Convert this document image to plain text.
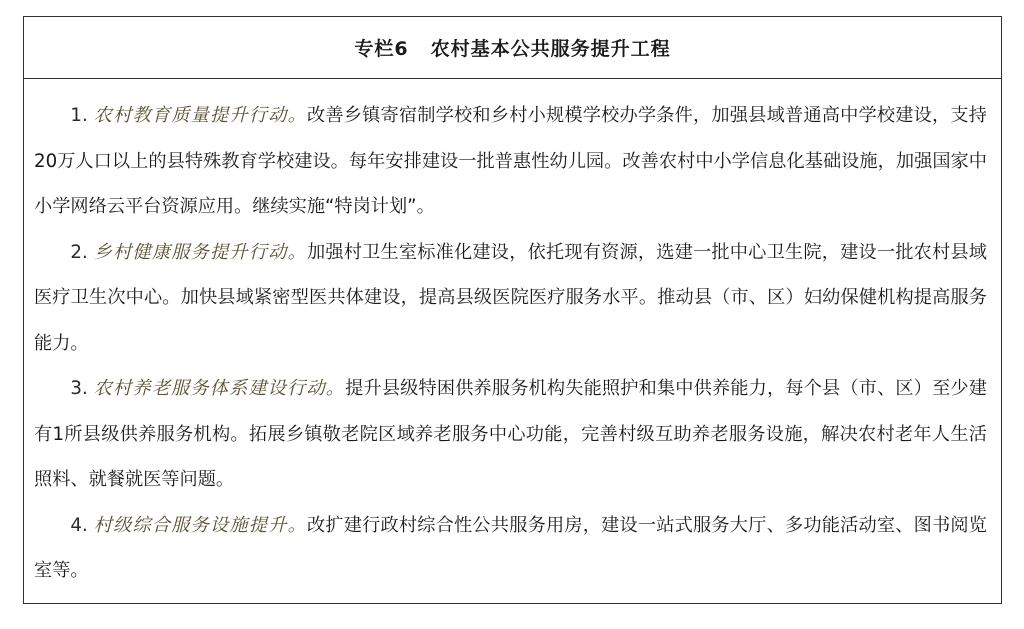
专栏6 农村基本公共服务提升工程

1. 农村教育质量提升行动。改善乡镇寄宿制学校和乡村小规模学校办学条件，加强县域普通高中学校建设，支持20万人口以上的县特殊教育学校建设。每年安排建设一批普惠性幼儿园。改善农村中小学信息化基础设施，加强国家中小学网络云平台资源应用。继续实施“特岗计划”。

2. 乡村健康服务提升行动。加强村卫生室标准化建设，依托现有资源，选建一批中心卫生院，建设一批农村县域医疗卫生次中心。加快县域紧密型医共体建设，提高县级医院医疗服务水平。推动县（市、区）妇幼保健机构提高服务能力。

3. 农村养老服务体系建设行动。提升县级特困供养服务机构失能照护和集中供养能力，每个县（市、区）至少建有1所县级供养服务机构。拓展乡镇敬老院区域养老服务中心功能，完善村级互助养老服务设施，解决农村老年人生活照料、就餐就医等问题。

4. 村级综合服务设施提升。改扩建行政村综合性公共服务用房，建设一站式服务大厅、多功能活动室、图书阅览室等。
